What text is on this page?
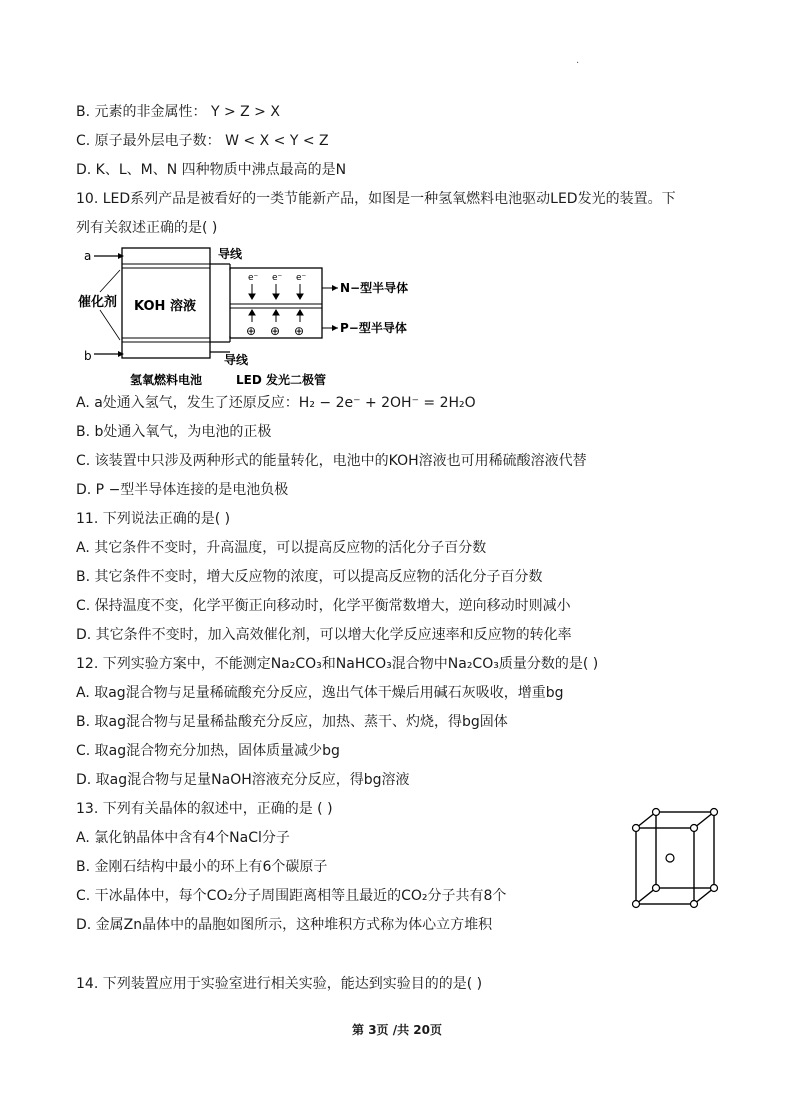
·
B. 元素的非金属性： Y > Z > X
C. 原子最外层电子数： W < X < Y < Z
D. K、L、M、N 四种物质中沸点最高的是N
10. LED系列产品是被看好的一类节能新产品，如图是一种氢氧燃料电池驱动LED发光的装置。下
列有关叙述正确的是( )
a
催化剂
b
KOH 溶液
导线
导线
e⁻ e⁻ e⁻
⊕ ⊕ ⊕
N−型半导体
P−型半导体
氢氧燃料电池	LED 发光二极管
A. a处通入氢气，发生了还原反应：H₂ − 2e⁻ + 2OH⁻ = 2H₂O
B. b处通入氧气，为电池的正极
C. 该装置中只涉及两种形式的能量转化，电池中的KOH溶液也可用稀硫酸溶液代替
D. P −型半导体连接的是电池负极
11. 下列说法正确的是( )
A. 其它条件不变时，升高温度，可以提高反应物的活化分子百分数
B. 其它条件不变时，增大反应物的浓度，可以提高反应物的活化分子百分数
C. 保持温度不变，化学平衡正向移动时，化学平衡常数增大，逆向移动时则减小
D. 其它条件不变时，加入高效催化剂，可以增大化学反应速率和反应物的转化率
12. 下列实验方案中，不能测定Na₂CO₃和NaHCO₃混合物中Na₂CO₃质量分数的是( )
A. 取ag混合物与足量稀硫酸充分反应，逸出气体干燥后用碱石灰吸收，增重bg
B. 取ag混合物与足量稀盐酸充分反应，加热、蒸干、灼烧，得bg固体
C. 取ag混合物充分加热，固体质量减少bg
D. 取ag混合物与足量NaOH溶液充分反应，得bg溶液
13. 下列有关晶体的叙述中，正确的是 ( )
A. 氯化钠晶体中含有4个NaCl分子
B. 金刚石结构中最小的环上有6个碳原子
C. 干冰晶体中，每个CO₂分子周围距离相等且最近的CO₂分子共有8个
D. 金属Zn晶体中的晶胞如图所示，这种堆积方式称为体心立方堆积
14. 下列装置应用于实验室进行相关实验，能达到实验目的的是( )
第 3页 /共 20页
